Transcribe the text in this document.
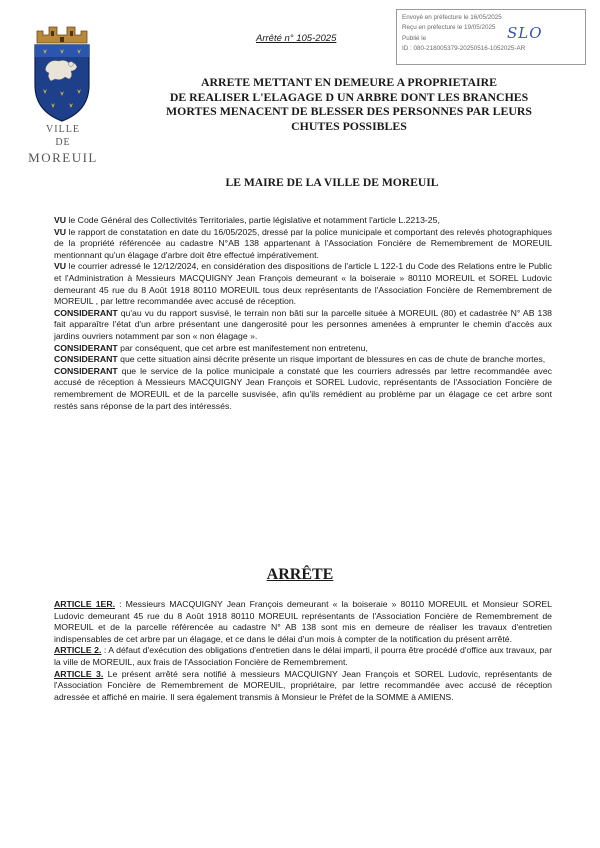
VILLE
DE
MOREUIL
Arrêté n° 105-2025
Envoyé en préfecture le 16/05/2025
Reçu en préfecture le 19/05/2025
Publié le
ID : 080-218005379-20250516-1052025-AR
SLO
ARRETE METTANT EN DEMEURE A PROPRIETAIRE
DE REALISER L'ELAGAGE D UN ARBRE DONT LES BRANCHES
MORTES MENACENT DE BLESSER DES PERSONNES PAR LEURS
CHUTES POSSIBLES
LE MAIRE DE LA VILLE DE MOREUIL

VU le Code Général des Collectivités Territoriales, partie législative et notamment l'article L.2213-25,

VU le rapport de constatation en date du 16/05/2025, dressé par la police municipale et comportant des relevés photographiques de la propriété référencée au cadastre N°AB 138 appartenant à l'Association Foncière de Remembrement de MOREUIL mentionnant qu'un élagage d'arbre doit être effectué impérativement.

VU le courrier adressé le 12/12/2024, en considération des dispositions de l'article L 122-1 du Code des Relations entre le Public et l'Administration à Messieurs MACQUIGNY Jean François demeurant « la boiseraie » 80110 MOREUIL et SOREL Ludovic demeurant 45 rue du 8 Août 1918 80110 MOREUIL tous deux représentants de l'Association Foncière de Remembrement de MOREUIL , par lettre recommandée avec accusé de réception.

CONSIDERANT qu'au vu du rapport susvisé, le terrain non bâti sur la parcelle située à MOREUIL (80) et cadastrée N° AB 138 fait apparaître l'état d'un arbre présentant une dangerosité pour les personnes amenées à emprunter le chemin d'accès aux jardins ouvriers notamment par son « non élagage ».

CONSIDERANT par conséquent, que cet arbre est manifestement non entretenu,

CONSIDERANT que cette situation ainsi décrite présente un risque important de blessures en cas de chute de branche mortes,

CONSIDERANT que le service de la police municipale a constaté que les courriers adressés par lettre recommandée avec accusé de réception à Messieurs MACQUIGNY Jean François et SOREL Ludovic, représentants de l'Association Foncière de remembrement de MOREUIL et de la parcelle susvisée, afin qu'ils remédient au problème par un élagage ce cet arbre sont restés sans réponse de la part des intéressés.

ARRÊTE

ARTICLE 1ER. : Messieurs MACQUIGNY Jean François demeurant « la boiseraie » 80110 MOREUIL et Monsieur SOREL Ludovic demeurant 45 rue du 8 Août 1918 80110 MOREUIL représentants de l'Association Foncière de Remembrement de MOREUIL et de la parcelle référencée au cadastre N° AB 138 sont mis en demeure de réaliser les travaux d'entretien indispensables de cet arbre par un élagage, et ce dans le délai d'un mois à compter de la notification du présent arrêté.

ARTICLE 2. : A défaut d'exécution des obligations d'entretien dans le délai imparti, il pourra être procédé d'office aux travaux, par la ville de MOREUIL, aux frais de l'Association Foncière de Remembrement.

ARTICLE 3. Le présent arrêté sera notifié à messieurs MACQUIGNY Jean François et SOREL Ludovic, représentants de l'Association Foncière de Remembrement de MOREUIL, propriétaire, par lettre recommandée avec accusé de réception adressée et affiché en mairie. Il sera également transmis à Monsieur le Préfet de la SOMME à AMIENS.
